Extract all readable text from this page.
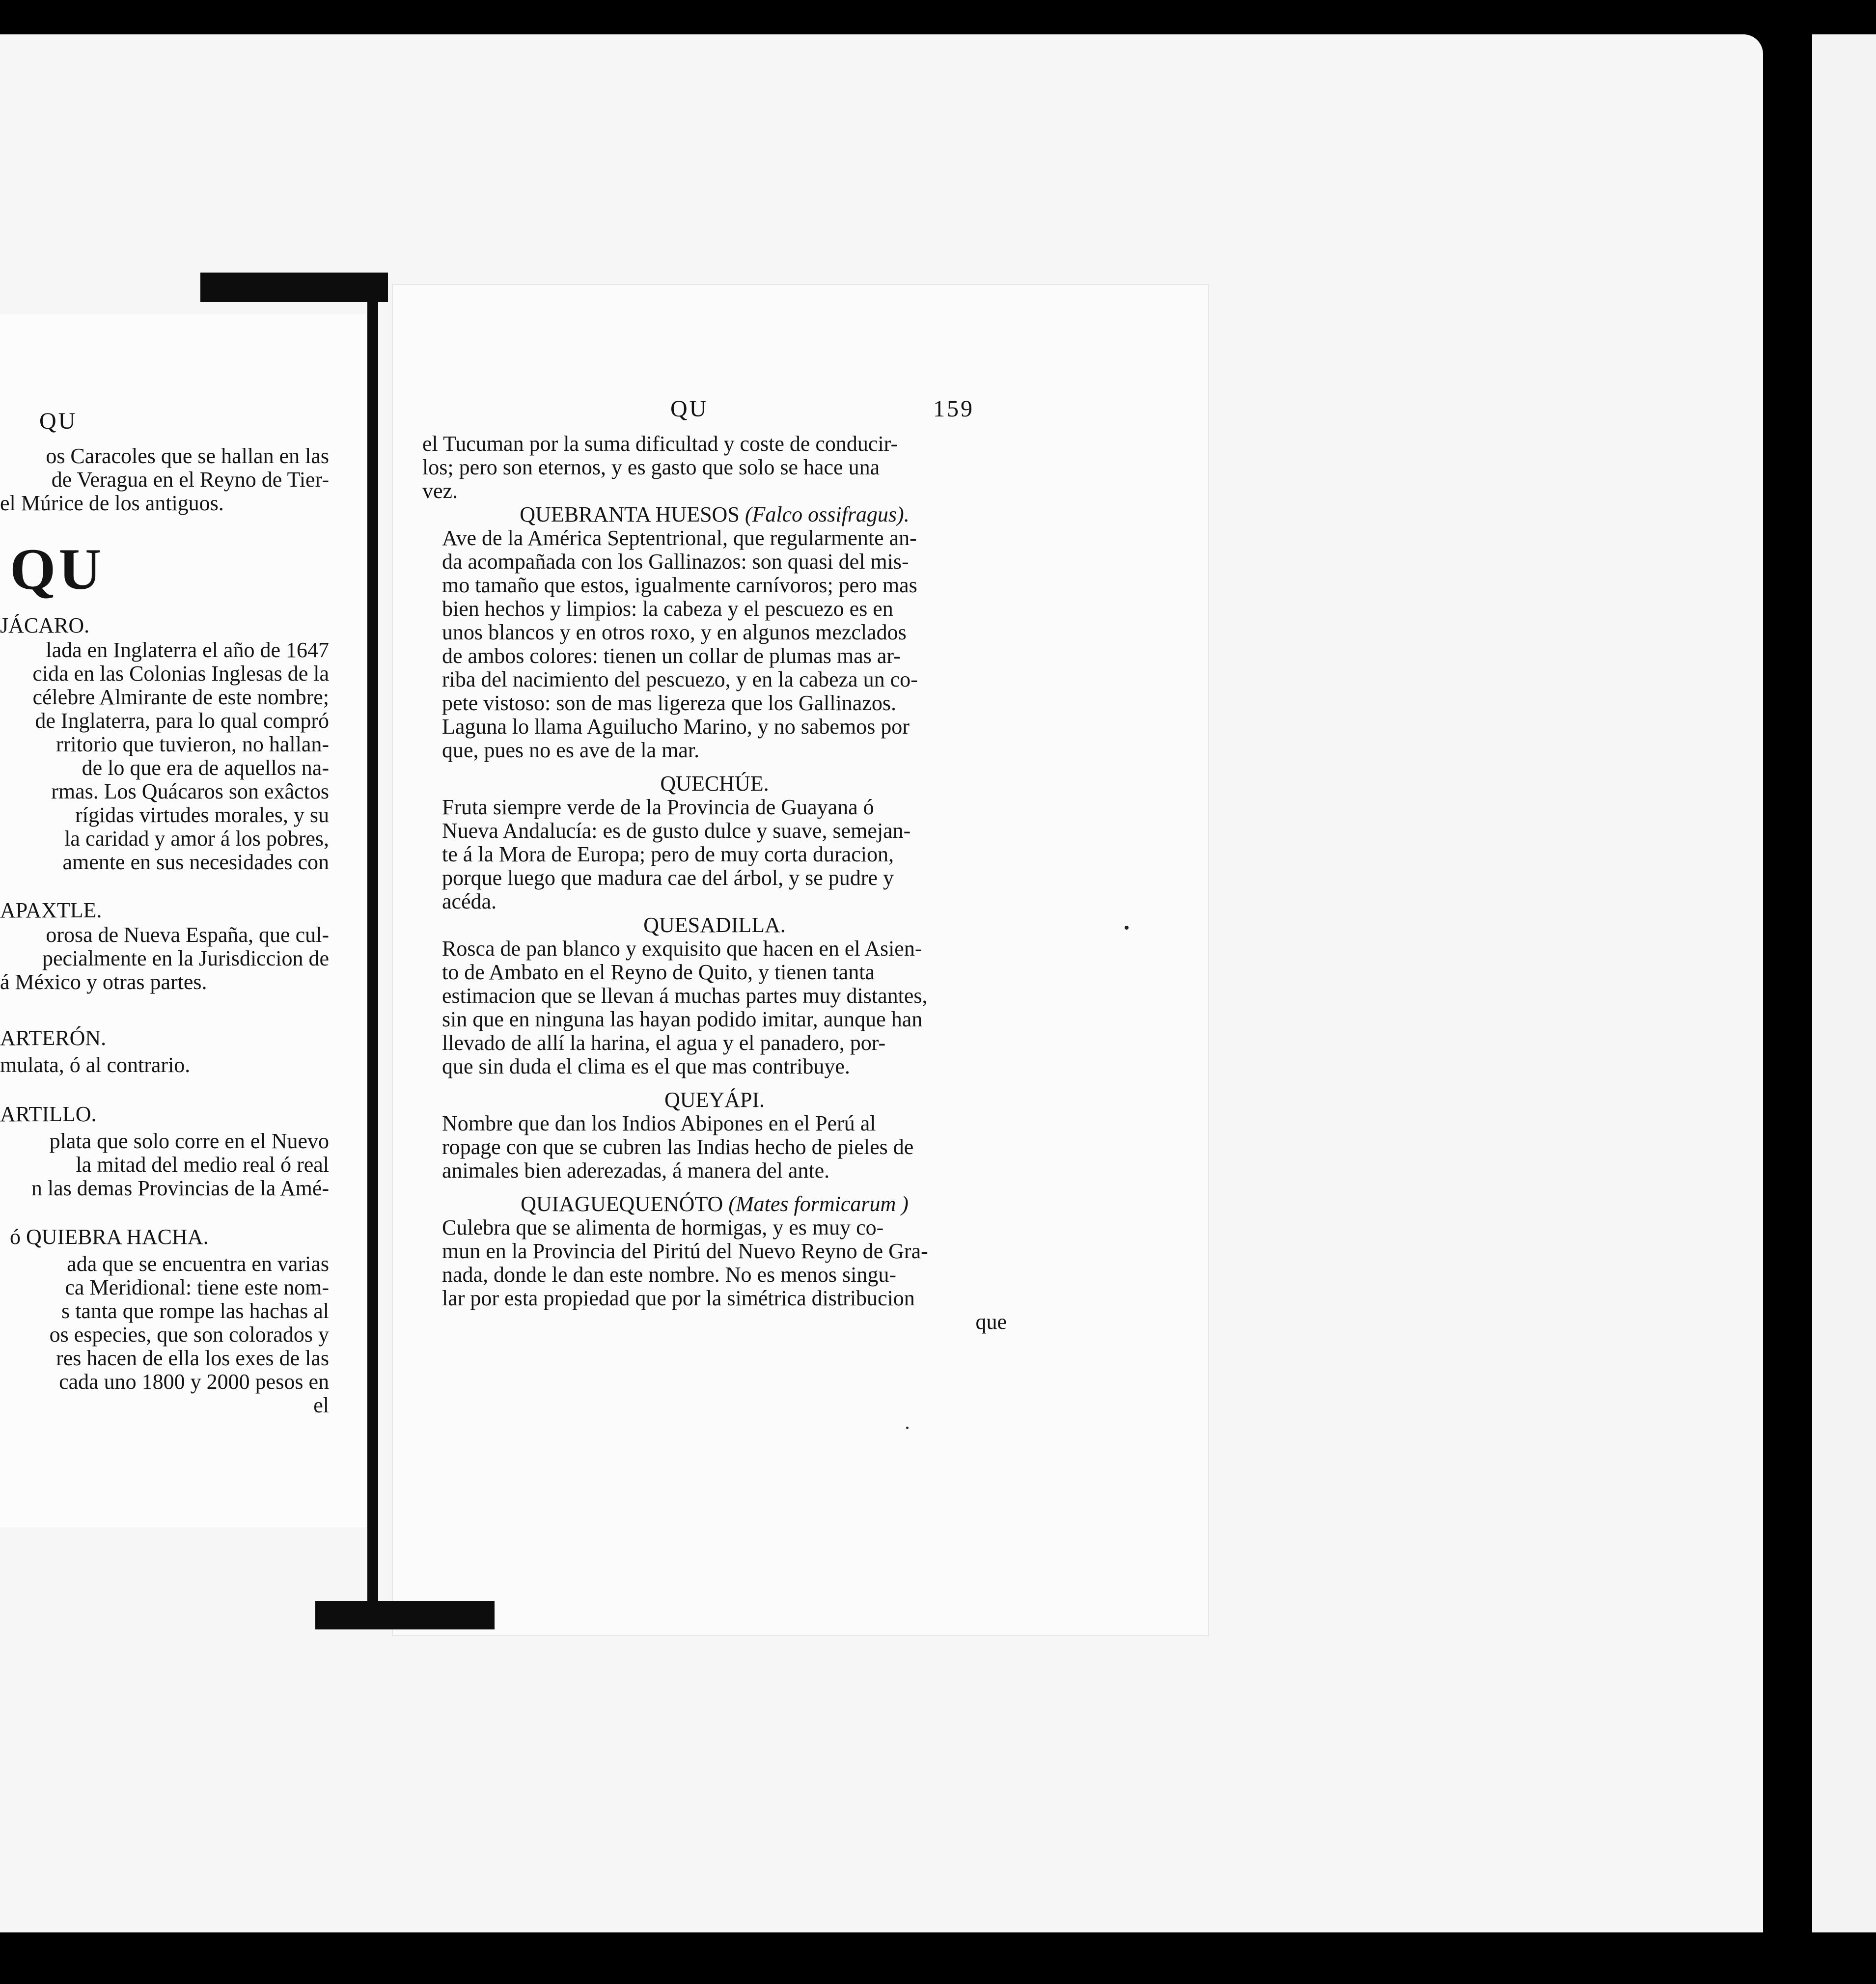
QU
os Caracoles que se hallan en las
de Veragua en el Reyno de Tier-
el Múrice de los antiguos.
QU
JÁCARO.
lada en Inglaterra el año de 1647
cida en las Colonias Inglesas de la
célebre Almirante de este nombre;
de Inglaterra, para lo qual compró
rritorio que tuvieron, no hallan-
de lo que era de aquellos na-
rmas. Los Quácaros son exâctos
rígidas virtudes morales, y su
la caridad y amor á los pobres,
amente en sus necesidades con
APAXTLE.
orosa de Nueva España, que cul-
pecialmente en la Jurisdiccion de
á México y otras partes.
ARTERÓN.
mulata, ó al contrario.
ARTILLO.
plata que solo corre en el Nuevo
la mitad del medio real ó real
n las demas Provincias de la Amé-
ó QUIEBRA HACHA.
ada que se encuentra en varias
ca Meridional: tiene este nom-
s tanta que rompe las hachas al
os especies, que son colorados y
res hacen de ella los exes de las
cada uno 1800 y 2000 pesos en
el
QU	159
el Tucuman por la suma dificultad y coste de conducir-
los; pero son eternos, y es gasto que solo se hace una
vez.
QUEBRANTA HUESOS (Falco ossifragus).
Ave de la América Septentrional, que regularmente an-
da acompañada con los Gallinazos: son quasi del mis-
mo tamaño que estos, igualmente carnívoros; pero mas
bien hechos y limpios: la cabeza y el pescuezo es en
unos blancos y en otros roxo, y en algunos mezclados
de ambos colores: tienen un collar de plumas mas ar-
riba del nacimiento del pescuezo, y en la cabeza un co-
pete vistoso: son de mas ligereza que los Gallinazos.
Laguna lo llama Aguilucho Marino, y no sabemos por
que, pues no es ave de la mar.
QUECHÚE.
Fruta siempre verde de la Provincia de Guayana ó
Nueva Andalucía: es de gusto dulce y suave, semejan-
te á la Mora de Europa; pero de muy corta duracion,
porque luego que madura cae del árbol, y se pudre y
acéda.
QUESADILLA.
Rosca de pan blanco y exquisito que hacen en el Asien-
to de Ambato en el Reyno de Quito, y tienen tanta
estimacion que se llevan á muchas partes muy distantes,
sin que en ninguna las hayan podido imitar, aunque han
llevado de allí la harina, el agua y el panadero, por-
que sin duda el clima es el que mas contribuye.
QUEYÁPI.
Nombre que dan los Indios Abipones en el Perú al
ropage con que se cubren las Indias hecho de pieles de
animales bien aderezadas, á manera del ante.
QUIAGUEQUENÓTO (Mates formicarum )
Culebra que se alimenta de hormigas, y es muy co-
mun en la Provincia del Piritú del Nuevo Reyno de Gra-
nada, donde le dan este nombre. No es menos singu-
lar por esta propiedad que por la simétrica distribucion
que
